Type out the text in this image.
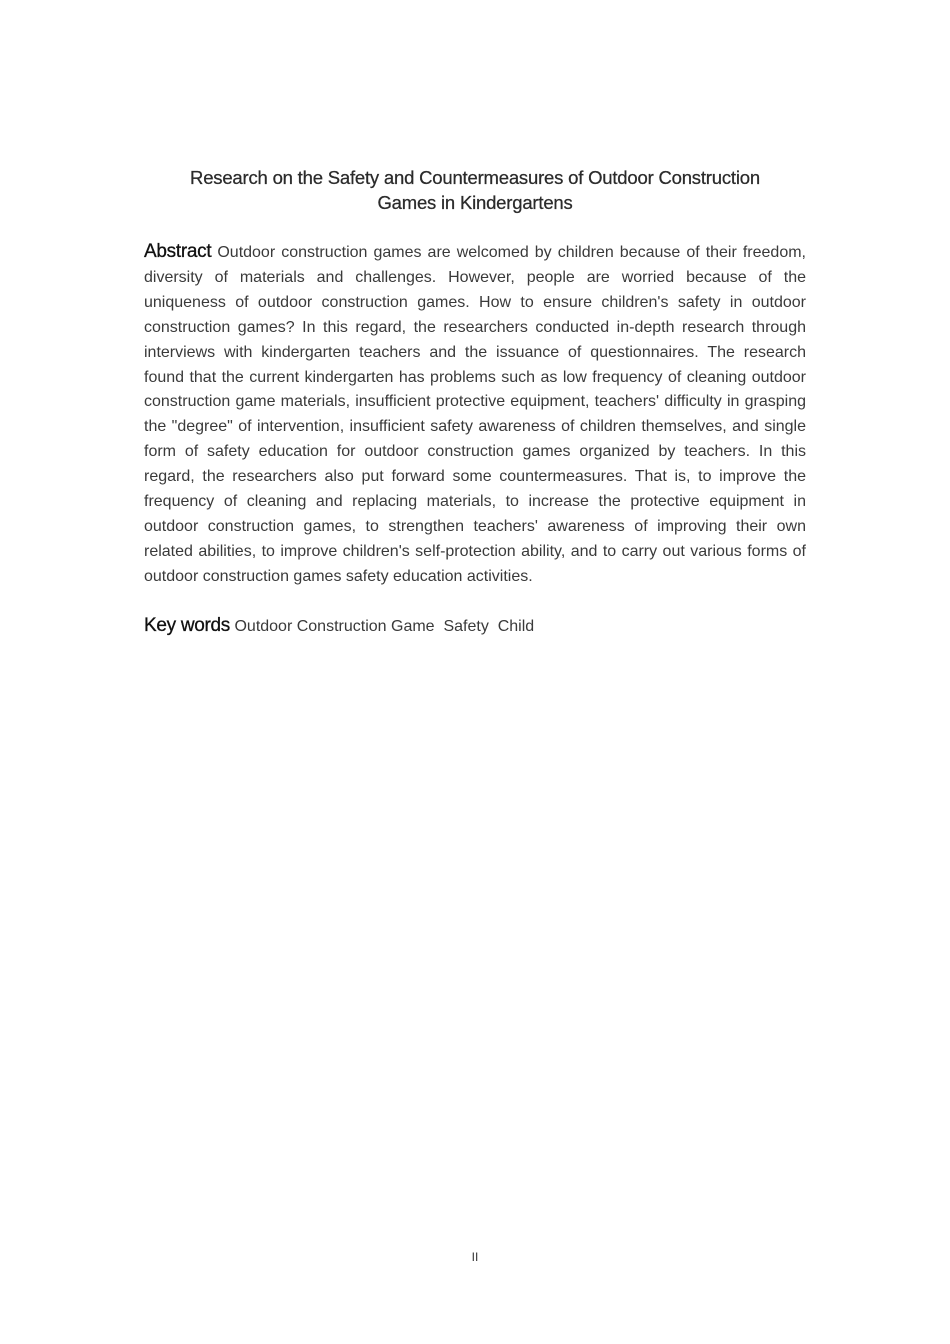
Research on the Safety and Countermeasures of Outdoor Construction
Games in Kindergartens

Abstract Outdoor construction games are welcomed by children because of their freedom, diversity of materials and challenges. However, people are worried because of the uniqueness of outdoor construction games. How to ensure children's safety in outdoor construction games? In this regard, the researchers conducted in-depth research through interviews with kindergarten teachers and the issuance of questionnaires. The research found that the current kindergarten has problems such as low frequency of cleaning outdoor construction game materials, insufficient protective equipment, teachers' difficulty in grasping the "degree" of intervention, insufficient safety awareness of children themselves, and single form of safety education for outdoor construction games organized by teachers. In this regard, the researchers also put forward some countermeasures. That is, to improve the frequency of cleaning and replacing materials, to increase the protective equipment in outdoor construction games, to strengthen teachers' awareness of improving their own related abilities, to improve children's self-protection ability, and to carry out various forms of outdoor construction games safety education activities.

Key words Outdoor Construction Game Safety Child

II
